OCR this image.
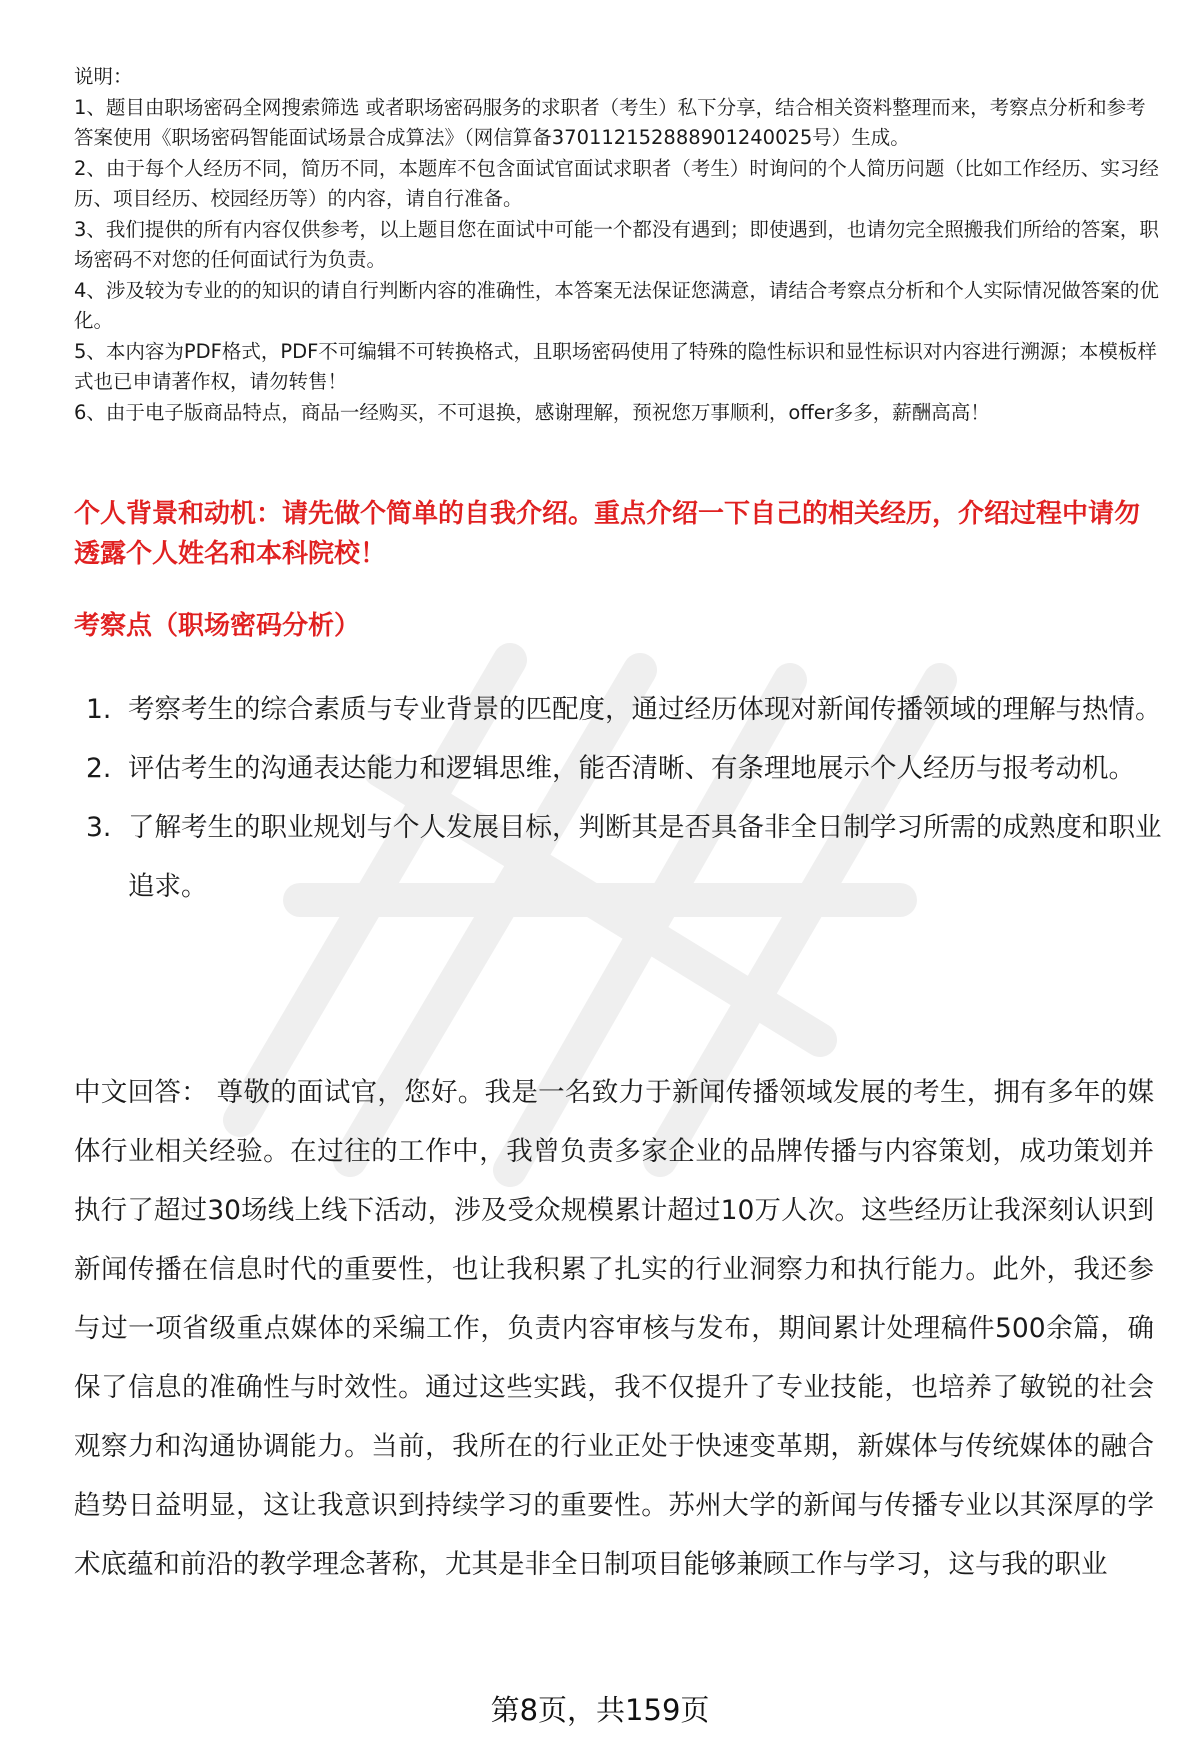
说明：
1、题目由职场密码全网搜索筛选 或者职场密码服务的求职者（考生）私下分享，结合相关资料整理而来，考察点分析和参考答案使用《职场密码智能面试场景合成算法》（网信算备370112152888901240025号）生成。
2、由于每个人经历不同，简历不同，本题库不包含面试官面试求职者（考生）时询问的个人简历问题（比如工作经历、实习经历、项目经历、校园经历等）的内容，请自行准备。
3、我们提供的所有内容仅供参考，以上题目您在面试中可能一个都没有遇到；即使遇到，也请勿完全照搬我们所给的答案，职场密码不对您的任何面试行为负责。
4、涉及较为专业的的知识的请自行判断内容的准确性，本答案无法保证您满意，请结合考察点分析和个人实际情况做答案的优化。
5、本内容为PDF格式，PDF不可编辑不可转换格式，且职场密码使用了特殊的隐性标识和显性标识对内容进行溯源；本模板样式也已申请著作权，请勿转售！
6、由于电子版商品特点，商品一经购买，不可退换，感谢理解，预祝您万事顺利，offer多多，薪酬高高！
个人背景和动机：请先做个简单的自我介绍。重点介绍一下自己的相关经历，介绍过程中请勿透露个人姓名和本科院校！
考察点（职场密码分析）
1. 考察考生的综合素质与专业背景的匹配度，通过经历体现对新闻传播领域的理解与热情。
2. 评估考生的沟通表达能力和逻辑思维，能否清晰、有条理地展示个人经历与报考动机。
3. 了解考生的职业规划与个人发展目标，判断其是否具备非全日制学习所需的成熟度和职业追求。
中文回答： 尊敬的面试官，您好。我是一名致力于新闻传播领域发展的考生，拥有多年的媒体行业相关经验。在过往的工作中，我曾负责多家企业的品牌传播与内容策划，成功策划并执行了超过30场线上线下活动，涉及受众规模累计超过10万人次。这些经历让我深刻认识到新闻传播在信息时代的重要性，也让我积累了扎实的行业洞察力和执行能力。此外，我还参与过一项省级重点媒体的采编工作，负责内容审核与发布，期间累计处理稿件500余篇，确保了信息的准确性与时效性。通过这些实践，我不仅提升了专业技能，也培养了敏锐的社会观察力和沟通协调能力。当前，我所在的行业正处于快速变革期，新媒体与传统媒体的融合趋势日益明显，这让我意识到持续学习的重要性。苏州大学的新闻与传播专业以其深厚的学术底蕴和前沿的教学理念著称，尤其是非全日制项目能够兼顾工作与学习，这与我的职业
第8页，共159页
